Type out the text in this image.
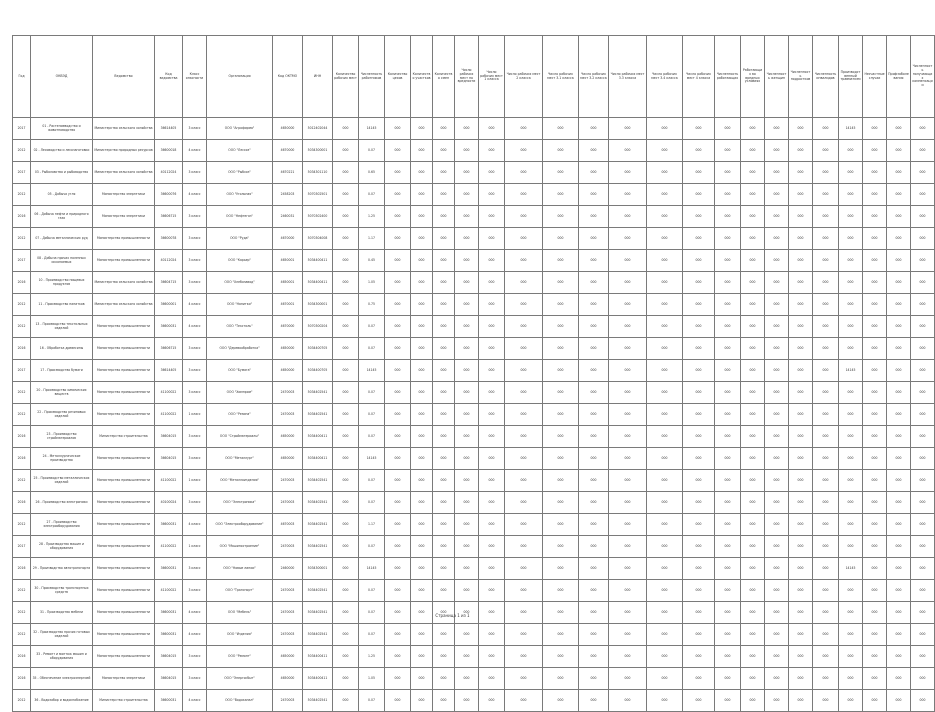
Год	ОКВЭД	Ведомство	Код ведомства	Класс опасности	Организация	Код ОКТМО	ИНН	Количество рабочих мест	Численность работников	Количество цехов	Количество участков	Количество смен	Число рабочих мест по вредности	Число рабочих мест 1 класса	Число рабочих мест 2 класса	Число рабочих мест 3.1 класса	Число рабочих мест 3.2 класса	Число рабочих мест 3.3 класса	Число рабочих мест 3.4 класса	Число рабочих мест 4 класса	Численность работающих	Работающих во вредных условиях	Численность женщин	Численность подростков	Численность инвалидов	Производственный травматизм	Несчастные случаи	Профзаболевания	Численность получающих компенсации
2017	01 - Растениеводство и животноводство	Министерство сельского хозяйства	36614405	3 класс	ООО "Агрофирма"	4650000	5012402044	000	14145	000	000	000	000	000	000	000	000	000	000	000	000	000	000	000	000	14145	000	000	000
2012	02 - Лесоводство и лесозаготовки	Министерство природных ресурсов	36600018	4 класс	ООО "Лесхоз"	4670000	5034300001	000	0.07	000	000	000	000	000	000	000	000	000	000	000	000	000	000	000	000	000	000	000	000
2017	03 - Рыболовство и рыбоводство	Министерство сельского хозяйства	40112024	3 класс	ООО "Рыбхоз"	4670221	5034301110	000	0.65	000	000	000	000	000	000	000	000	000	000	000	000	000	000	000	000	000	000	000	000
2012	05 - Добыча угля	Министерство энергетики	36600076	4 класс	ООО "Угольная"	2458203	5070302501	000	0.07	000	000	000	000	000	000	000	000	000	000	000	000	000	000	000	000	000	000	000	000
2016	06 - Добыча нефти и природного газа	Министерство энергетики	36606715	3 класс	ООО "Нефтегаз"	2460031	5070302400	000	1.25	000	000	000	000	000	000	000	000	000	000	000	000	000	000	000	000	000	000	000	000
2012	07 - Добыча металлических руд	Министерство промышленности	36600078	3 класс	ООО "Руда"	4670000	5070304008	000	1.17	000	000	000	000	000	000	000	000	000	000	000	000	000	000	000	000	000	000	000	000
2017	08 - Добыча прочих полезных ископаемых	Министерство промышленности	40112024	3 класс	ООО "Карьер"	4650001	5034400411	000	0.45	000	000	000	000	000	000	000	000	000	000	000	000	000	000	000	000	000	000	000	000
2016	10 - Производство пищевых продуктов	Министерство сельского хозяйства	36604715	3 класс	ООО "Хлебозавод"	4650001	5034400411	000	1.05	000	000	000	000	000	000	000	000	000	000	000	000	000	000	000	000	000	000	000	000
2012	11 - Производство напитков	Министерство сельского хозяйства	36600001	4 класс	ООО "Напитки"	4670001	5034300001	000	0.75	000	000	000	000	000	000	000	000	000	000	000	000	000	000	000	000	000	000	000	000
2012	13 - Производство текстильных изделий	Министерство промышленности	36600031	4 класс	ООО "Текстиль"	4670000	5070300204	000	0.07	000	000	000	000	000	000	000	000	000	000	000	000	000	000	000	000	000	000	000	000
2016	16 - Обработка древесины	Министерство промышленности	36606715	3 класс	ООО "Деревообработка"	4650000	5034400705	000	0.07	000	000	000	000	000	000	000	000	000	000	000	000	000	000	000	000	000	000	000	000
2017	17 - Производство бумаги	Министерство промышленности	36614405	3 класс	ООО "Бумага"	4650000	5034400705	000	14145	000	000	000	000	000	000	000	000	000	000	000	000	000	000	000	000	14145	000	000	000
2012	20 - Производство химических веществ	Министерство промышленности	41100022	3 класс	ООО "Химпром"	2470003	5034402541	000	0.07	000	000	000	000	000	000	000	000	000	000	000	000	000	000	000	000	000	000	000	000
2012	22 - Производство резиновых изделий	Министерство промышленности	41100022	1 класс	ООО "Резина"	2470003	5034402541	000	0.07	000	000	000	000	000	000	000	000	000	000	000	000	000	000	000	000	000	000	000	000
2016	23 - Производство стройматериалов	Министерство строительства	36604015	3 класс	ООО "Стройматериалы"	4650000	5034400411	000	0.07	000	000	000	000	000	000	000	000	000	000	000	000	000	000	000	000	000	000	000	000
2016	24 - Металлургическое производство	Министерство промышленности	36604015	3 класс	ООО "Металлург"	4650000	5034400411	000	14145	000	000	000	000	000	000	000	000	000	000	000	000	000	000	000	000	000	000	000	000
2012	25 - Производство металлических изделий	Министерство промышленности	41100022	1 класс	ООО "Металлоизделия"	2470003	5034402541	000	0.07	000	000	000	000	000	000	000	000	000	000	000	000	000	000	000	000	000	000	000	000
2016	26 - Производство электроники	Министерство промышленности	40100024	3 класс	ООО "Электроника"	2470003	5034402541	000	0.07	000	000	000	000	000	000	000	000	000	000	000	000	000	000	000	000	000	000	000	000
2012	27 - Производство электрооборудования	Министерство промышленности	36600031	4 класс	ООО "Электрооборудование"	4670003	5034402541	000	1.17	000	000	000	000	000	000	000	000	000	000	000	000	000	000	000	000	000	000	000	000
2017	28 - Производство машин и оборудования	Министерство промышленности	41100022	1 класс	ООО "Машиностроение"	2470003	5034402541	000	0.07	000	000	000	000	000	000	000	000	000	000	000	000	000	000	000	000	000	000	000	000
2016	29 - Производство автотранспорта	Министерство промышленности	36600031	3 класс	ООО "Новые линии"	2460000	5034300001	000	14145	000	000	000	000	000	000	000	000	000	000	000	000	000	000	000	000	14145	000	000	000
2012	30 - Производство транспортных средств	Министерство промышленности	41100022	3 класс	ООО "Транспорт"	2470003	5034402541	000	0.07	000	000	000	000	000	000	000	000	000	000	000	000	000	000	000	000	000	000	000	000
2012	31 - Производство мебели	Министерство промышленности	36600031	4 класс	ООО "Мебель"	2470003	5034402541	000	0.07	000	000	000	000	000	000	000	000	000	000	000	000	000	000	000	000	000	000	000	000
2012	32 - Производство прочих готовых изделий	Министерство промышленности	36600031	4 класс	ООО "Изделия"	2470003	5034402541	000	0.07	000	000	000	000	000	000	000	000	000	000	000	000	000	000	000	000	000	000	000	000
2016	33 - Ремонт и монтаж машин и оборудования	Министерство промышленности	36604015	3 класс	ООО "Ремонт"	4650000	5034400411	000	1.25	000	000	000	000	000	000	000	000	000	000	000	000	000	000	000	000	000	000	000	000
2016	35 - Обеспечение электроэнергией	Министерство энергетики	36604015	3 класс	ООО "Энергосбыт"	4650000	5034400411	000	1.05	000	000	000	000	000	000	000	000	000	000	000	000	000	000	000	000	000	000	000	000
2012	36 - Водозабор и водоснабжение	Министерство строительства	36600031	4 класс	ООО "Водоканал"	2470003	5034402541	000	0.07	000	000	000	000	000	000	000	000	000	000	000	000	000	000	000	000	000	000	000	000
Страница 1 из 1
